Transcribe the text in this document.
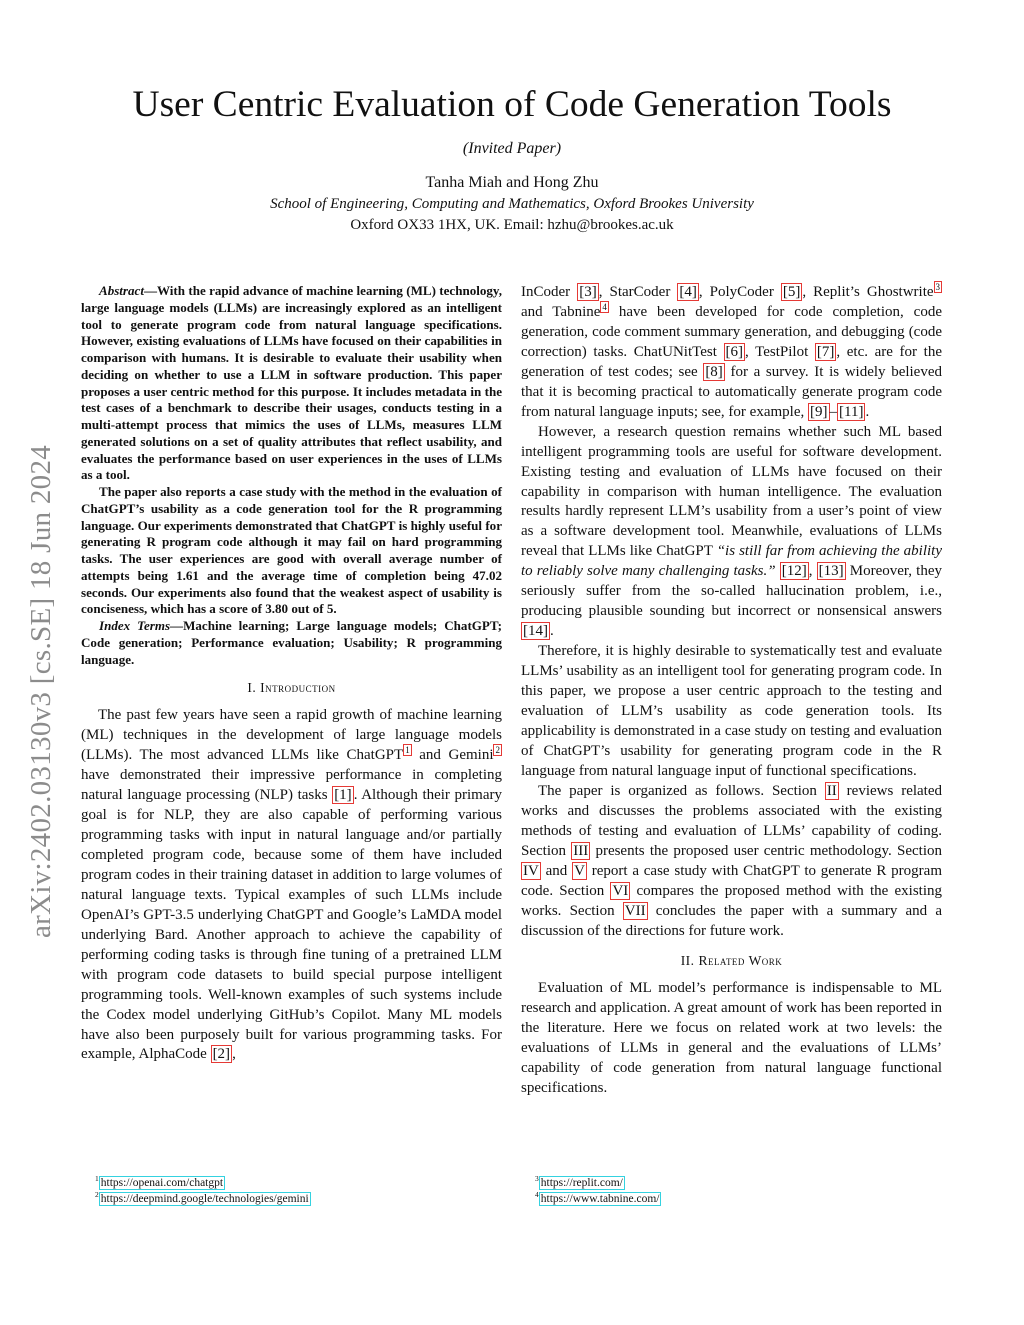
arXiv:2402.03130v3 [cs.SE] 18 Jun 2024
User Centric Evaluation of Code Generation Tools
(Invited Paper)
Tanha Miah and Hong Zhu
School of Engineering, Computing and Mathematics, Oxford Brookes University
Oxford OX33 1HX, UK. Email: hzhu@brookes.ac.uk

Abstract—With the rapid advance of machine learning (ML) technology, large language models (LLMs) are increasingly explored as an intelligent tool to generate program code from natural language specifications. However, existing evaluations of LLMs have focused on their capabilities in comparison with humans. It is desirable to evaluate their usability when deciding on whether to use a LLM in software production. This paper proposes a user centric method for this purpose. It includes metadata in the test cases of a benchmark to describe their usages, conducts testing in a multi-attempt process that mimics the uses of LLMs, measures LLM generated solutions on a set of quality attributes that reflect usability, and evaluates the performance based on user experiences in the uses of LLMs as a tool.

The paper also reports a case study with the method in the evaluation of ChatGPT’s usability as a code generation tool for the R programming language. Our experiments demonstrated that ChatGPT is highly useful for generating R program code although it may fail on hard programming tasks. The user experiences are good with overall average number of attempts being 1.61 and the average time of completion being 47.02 seconds. Our experiments also found that the weakest aspect of usability is conciseness, which has a score of 3.80 out of 5.

Index Terms—Machine learning; Large language models; ChatGPT; Code generation; Performance evaluation; Usability; R programming language.

I. Introduction

The past few years have seen a rapid growth of machine learning (ML) techniques in the development of large language models (LLMs). The most advanced LLMs like ChatGPT $^1$ and Gemini $^2$ have demonstrated their impressive performance in completing natural language processing (NLP) tasks [1] . Although their primary goal is for NLP, they are also capable of performing various programming tasks with input in natural language and/or partially completed program code, because some of them have included program codes in their training dataset in addition to large volumes of natural language texts. Typical examples of such LLMs include OpenAI’s GPT-3.5 underlying ChatGPT and Google’s LaMDA model underlying Bard. Another approach to achieve the capability of performing coding tasks is through fine tuning of a pretrained LLM with program code datasets to build special purpose intelligent programming tools. Well-known examples of such systems include the Codex model underlying GitHub’s Copilot. Many ML models have also been purposely built for various programming tasks. For example, AlphaCode [2] ,

InCoder [3] , StarCoder [4] , PolyCoder [5] , Replit’s Ghostwrite $^3$ and Tabnine $^4$ have been developed for code completion, code generation, code comment summary generation, and debugging (code correction) tasks. ChatUNitTest [6] , TestPilot [7] , etc. are for the generation of test codes; see [8] for a survey. It is widely believed that it is becoming practical to automatically generate program code from natural language inputs; see, for example, [9] – [11] .

However, a research question remains whether such ML based intelligent programming tools are useful for software development. Existing testing and evaluation of LLMs have focused on their capability in comparison with human intelligence. The evaluation results hardly represent LLM’s usability from a user’s point of view as a software development tool. Meanwhile, evaluations of LLMs reveal that LLMs like ChatGPT “is still far from achieving the ability to reliably solve many challenging tasks.” [12] , [13] Moreover, they seriously suffer from the so-called hallucination problem, i.e., producing plausible sounding but incorrect or nonsensical answers [14] .

Therefore, it is highly desirable to systematically test and evaluate LLMs’ usability as an intelligent tool for generating program code. In this paper, we propose a user centric approach to the testing and evaluation of LLM’s usability as code generation tools. Its applicability is demonstrated in a case study on testing and evaluation of ChatGPT’s usability for generating program code in the R language from natural language input of functional specifications.

The paper is organized as follows. Section II reviews related works and discusses the problems associated with the existing methods of testing and evaluation of LLMs’ capability of coding. Section III presents the proposed user centric methodology. Section IV and V report a case study with ChatGPT to generate R program code. Section VI compares the proposed method with the existing works. Section VII concludes the paper with a summary and a discussion of the directions for future work.

II. Related Work

Evaluation of ML model’s performance is indispensable to ML research and application. A great amount of work has been reported in the literature. Here we focus on related work at two levels: the evaluations of LLMs in general and the evaluations of LLMs’ capability of code generation from natural language functional specifications.

$^1$ https://openai.com/chatgpt
$^2$ https://deepmind.google/technologies/gemini
$^3$ https://replit.com/
$^4$ https://www.tabnine.com/
